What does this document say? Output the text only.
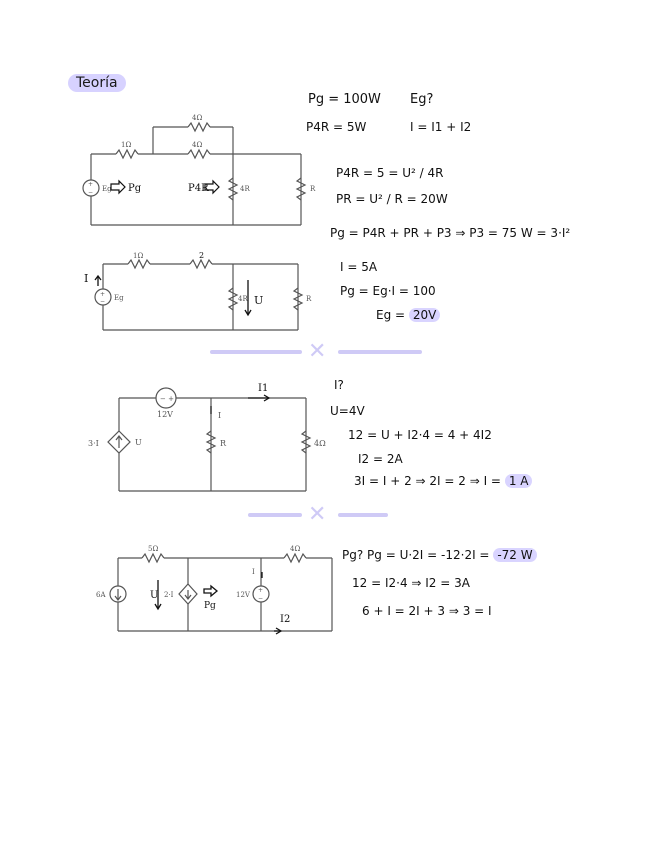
Teoría
4Ω
4Ω
1Ω
4R	R
Eg
+
−	Pg	P4R
1Ω	2
4R	R
Eg
+
−
I
U
Pg = 100W Eg?
P4R = 5W	I = I1 + I2
P4R = 5 = U² / 4R
PR = U² / R = 20W
Pg = P4R + PR + P3 ⇒ P3 = 75 W = 3·I²
I = 5A
Pg = Eg·I = 100
Eg = 20V
✕
− +
12V
3·I	U
I
R	4Ω
I1	I?
U=4V
12 = U + I2·4 = 4 + 4I2
I2 = 2A
3I = I + 2 ⇒ 2I = 2 ⇒ I = 1 A
✕
5Ω	4Ω
6A	2·I	12V
I
+
−
U
Pg
I2
Pg? Pg = U·2I = -12·2I = -72 W
12 = I2·4 ⇒ I2 = 3A
6 + I = 2I + 3 ⇒ 3 = I
